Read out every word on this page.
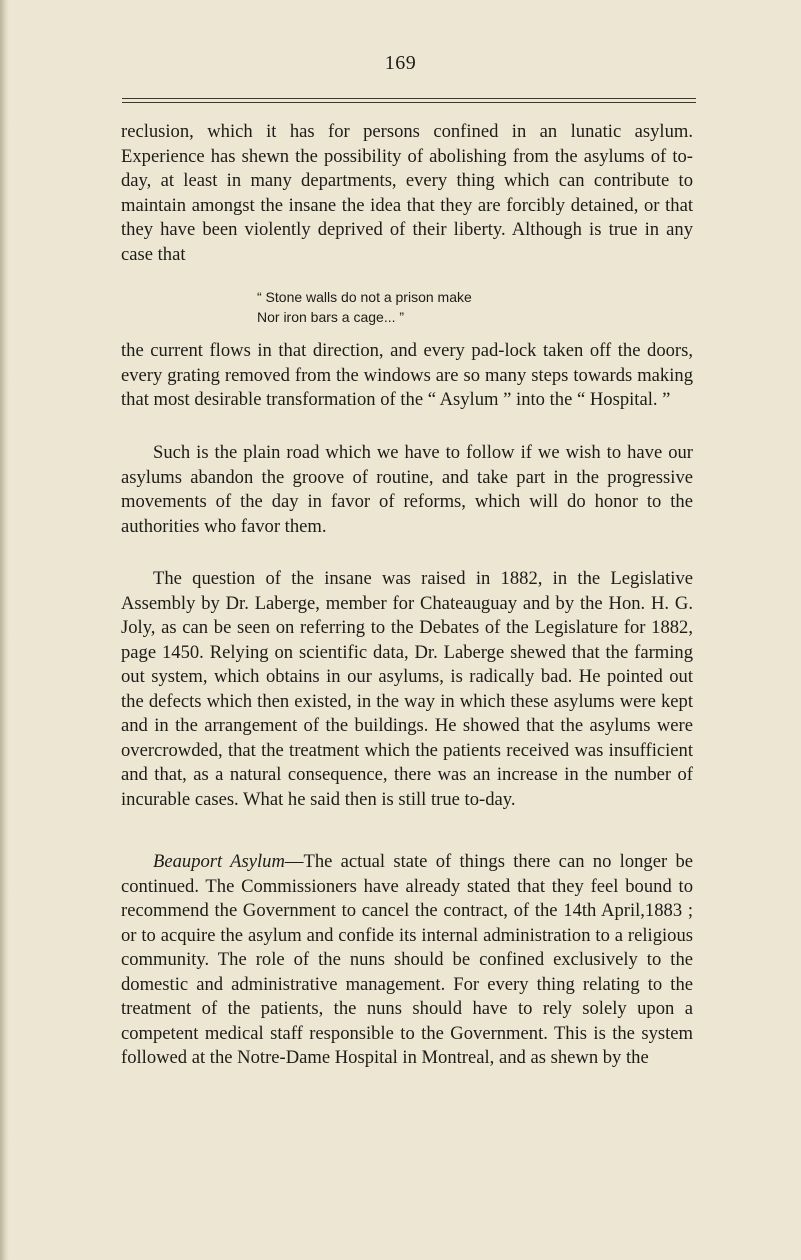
169

reclusion, which it has for persons confined in an lunatic asylum. Experience has shewn the possibility of abolishing from the asylums of to-day, at least in many departments, every thing which can contribute to maintain amongst the insane the idea that they are forcibly detained, or that they have been violently deprived of their liberty. Although is true in any case that

“ Stone walls do not a prison make
Nor iron bars a cage... ”

the current flows in that direction, and every pad-lock taken off the doors, every grating removed from the windows are so many steps towards making that most desirable transformation of the “ Asylum ” into the “ Hospital. ”

Such is the plain road which we have to follow if we wish to have our asylums abandon the groove of routine, and take part in the progressive movements of the day in favor of reforms, which will do honor to the authorities who favor them.

The question of the insane was raised in 1882, in the Legislative Assembly by Dr. Laberge, member for Chateauguay and by the Hon. H. G. Joly, as can be seen on referring to the Debates of the Legislature for 1882, page 1450. Relying on scientific data, Dr. Laberge shewed that the farming out system, which obtains in our asylums, is radically bad. He pointed out the defects which then existed, in the way in which these asylums were kept and in the arrangement of the buildings. He showed that the asylums were overcrowded, that the treatment which the patients received was insufficient and that, as a natural consequence, there was an increase in the number of incurable cases. What he said then is still true to-day.

Beauport Asylum—The actual state of things there can no longer be continued. The Commissioners have already stated that they feel bound to recommend the Government to cancel the contract, of the 14th April,1883 ; or to acquire the asylum and confide its internal administration to a religious community. The role of the nuns should be confined exclusively to the domestic and administrative management. For every thing relating to the treatment of the patients, the nuns should have to rely solely upon a competent medical staff responsible to the Government. This is the system followed at the Notre-Dame Hospital in Montreal, and as shewn by the
